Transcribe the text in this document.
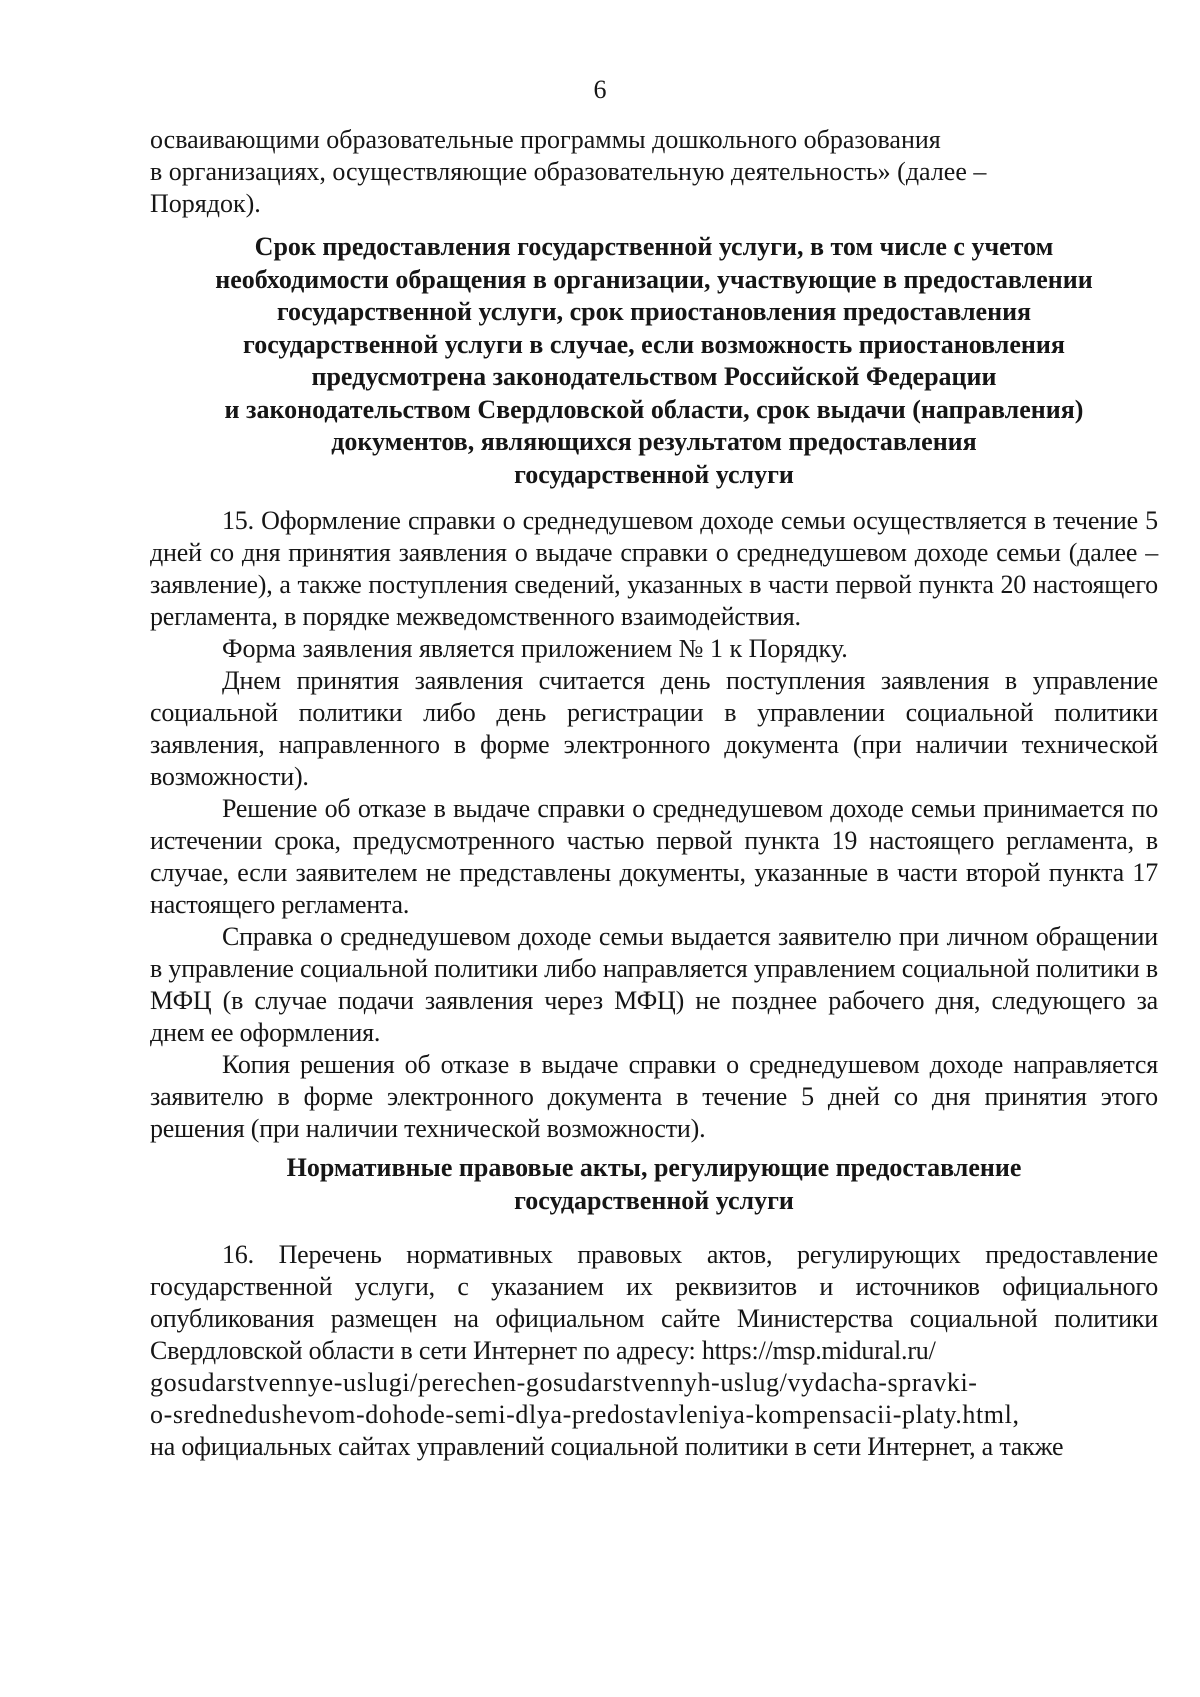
6
осваивающими образовательные программы дошкольного образования
в организациях, осуществляющие образовательную деятельность» (далее –
Порядок).
Срок предоставления государственной услуги, в том числе с учетом
необходимости обращения в организации, участвующие в предоставлении
государственной услуги, срок приостановления предоставления
государственной услуги в случае, если возможность приостановления
предусмотрена законодательством Российской Федерации
и законодательством Свердловской области, срок выдачи (направления)
документов, являющихся результатом предоставления
государственной услуги

15. Оформление справки о среднедушевом доходе семьи осуществляется в течение 5 дней со дня принятия заявления о выдаче справки о среднедушевом доходе семьи (далее – заявление), а также поступления сведений, указанных в части первой пункта 20 настоящего регламента, в порядке межведомственного взаимодействия.

Форма заявления является приложением № 1 к Порядку.

Днем принятия заявления считается день поступления заявления в управление социальной политики либо день регистрации в управлении социальной политики заявления, направленного в форме электронного документа (при наличии технической возможности).

Решение об отказе в выдаче справки о среднедушевом доходе семьи принимается по истечении срока, предусмотренного частью первой пункта 19 настоящего регламента, в случае, если заявителем не представлены документы, указанные в части второй пункта 17 настоящего регламента.

Справка о среднедушевом доходе семьи выдается заявителю при личном обращении в управление социальной политики либо направляется управлением социальной политики в МФЦ (в случае подачи заявления через МФЦ) не позднее рабочего дня, следующего за днем ее оформления.

Копия решения об отказе в выдаче справки о среднедушевом доходе направляется заявителю в форме электронного документа в течение 5 дней со дня принятия этого решения (при наличии технической возможности).

Нормативные правовые акты, регулирующие предоставление
государственной услуги

16. Перечень нормативных правовых актов, регулирующих предоставление государственной услуги, с указанием их реквизитов и источников официального опубликования размещен на официальном сайте Министерства социальной политики Свердловской области в сети Интернет по адресу: https://msp.midural.ru/

gosudarstvennye-uslugi/perechen-gosudarstvennyh-uslug/vydacha-spravki-
o-srednedushevom-dohode-semi-dlya-predostavleniya-kompensacii-platy.html,
на официальных сайтах управлений социальной политики в сети Интернет, а также
